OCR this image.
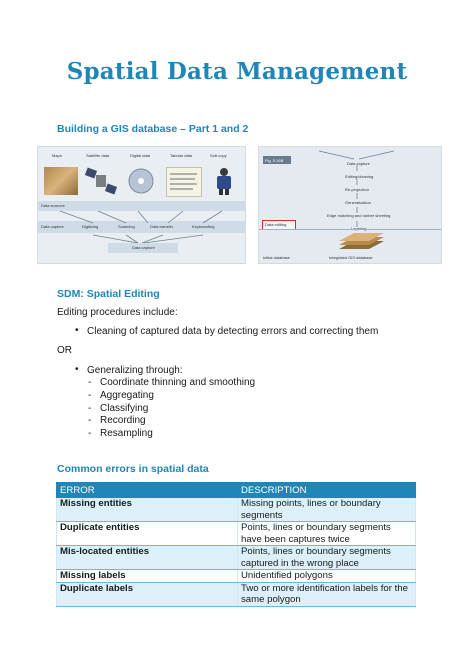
Spatial Data Management
Building a GIS database – Part 1 and 2
Maps	Satellite data	Digital data	Tabular data	Soft copy
Data sources
Data capture	Digitizing	Scanning	Data transfer	Keyboarding
Data capture
Fig. 5.16B
Data capture
Editing/cleaning
Re-projection
Generalization
Edge matching and rubber sheeting
Data editing
Initial database	Integrated GIS database
SDM: Spatial Editing
Editing procedures include:
• Cleaning of captured data by detecting errors and correcting them
OR
• Generalizing through:
- Coordinate thinning and smoothing
- Aggregating
- Classifying
- Recording
- Resampling
Common errors in spatial data
ERROR	DESCRIPTION
Missing entities	Missing points, lines or boundary segments
Duplicate entities	Points, lines or boundary segments have been captures twice
Mis-located entities	Points, lines or boundary segments captured in the wrong place
Missing labels	Unidentified polygons
Duplicate labels	Two or more identification labels for the same polygon
